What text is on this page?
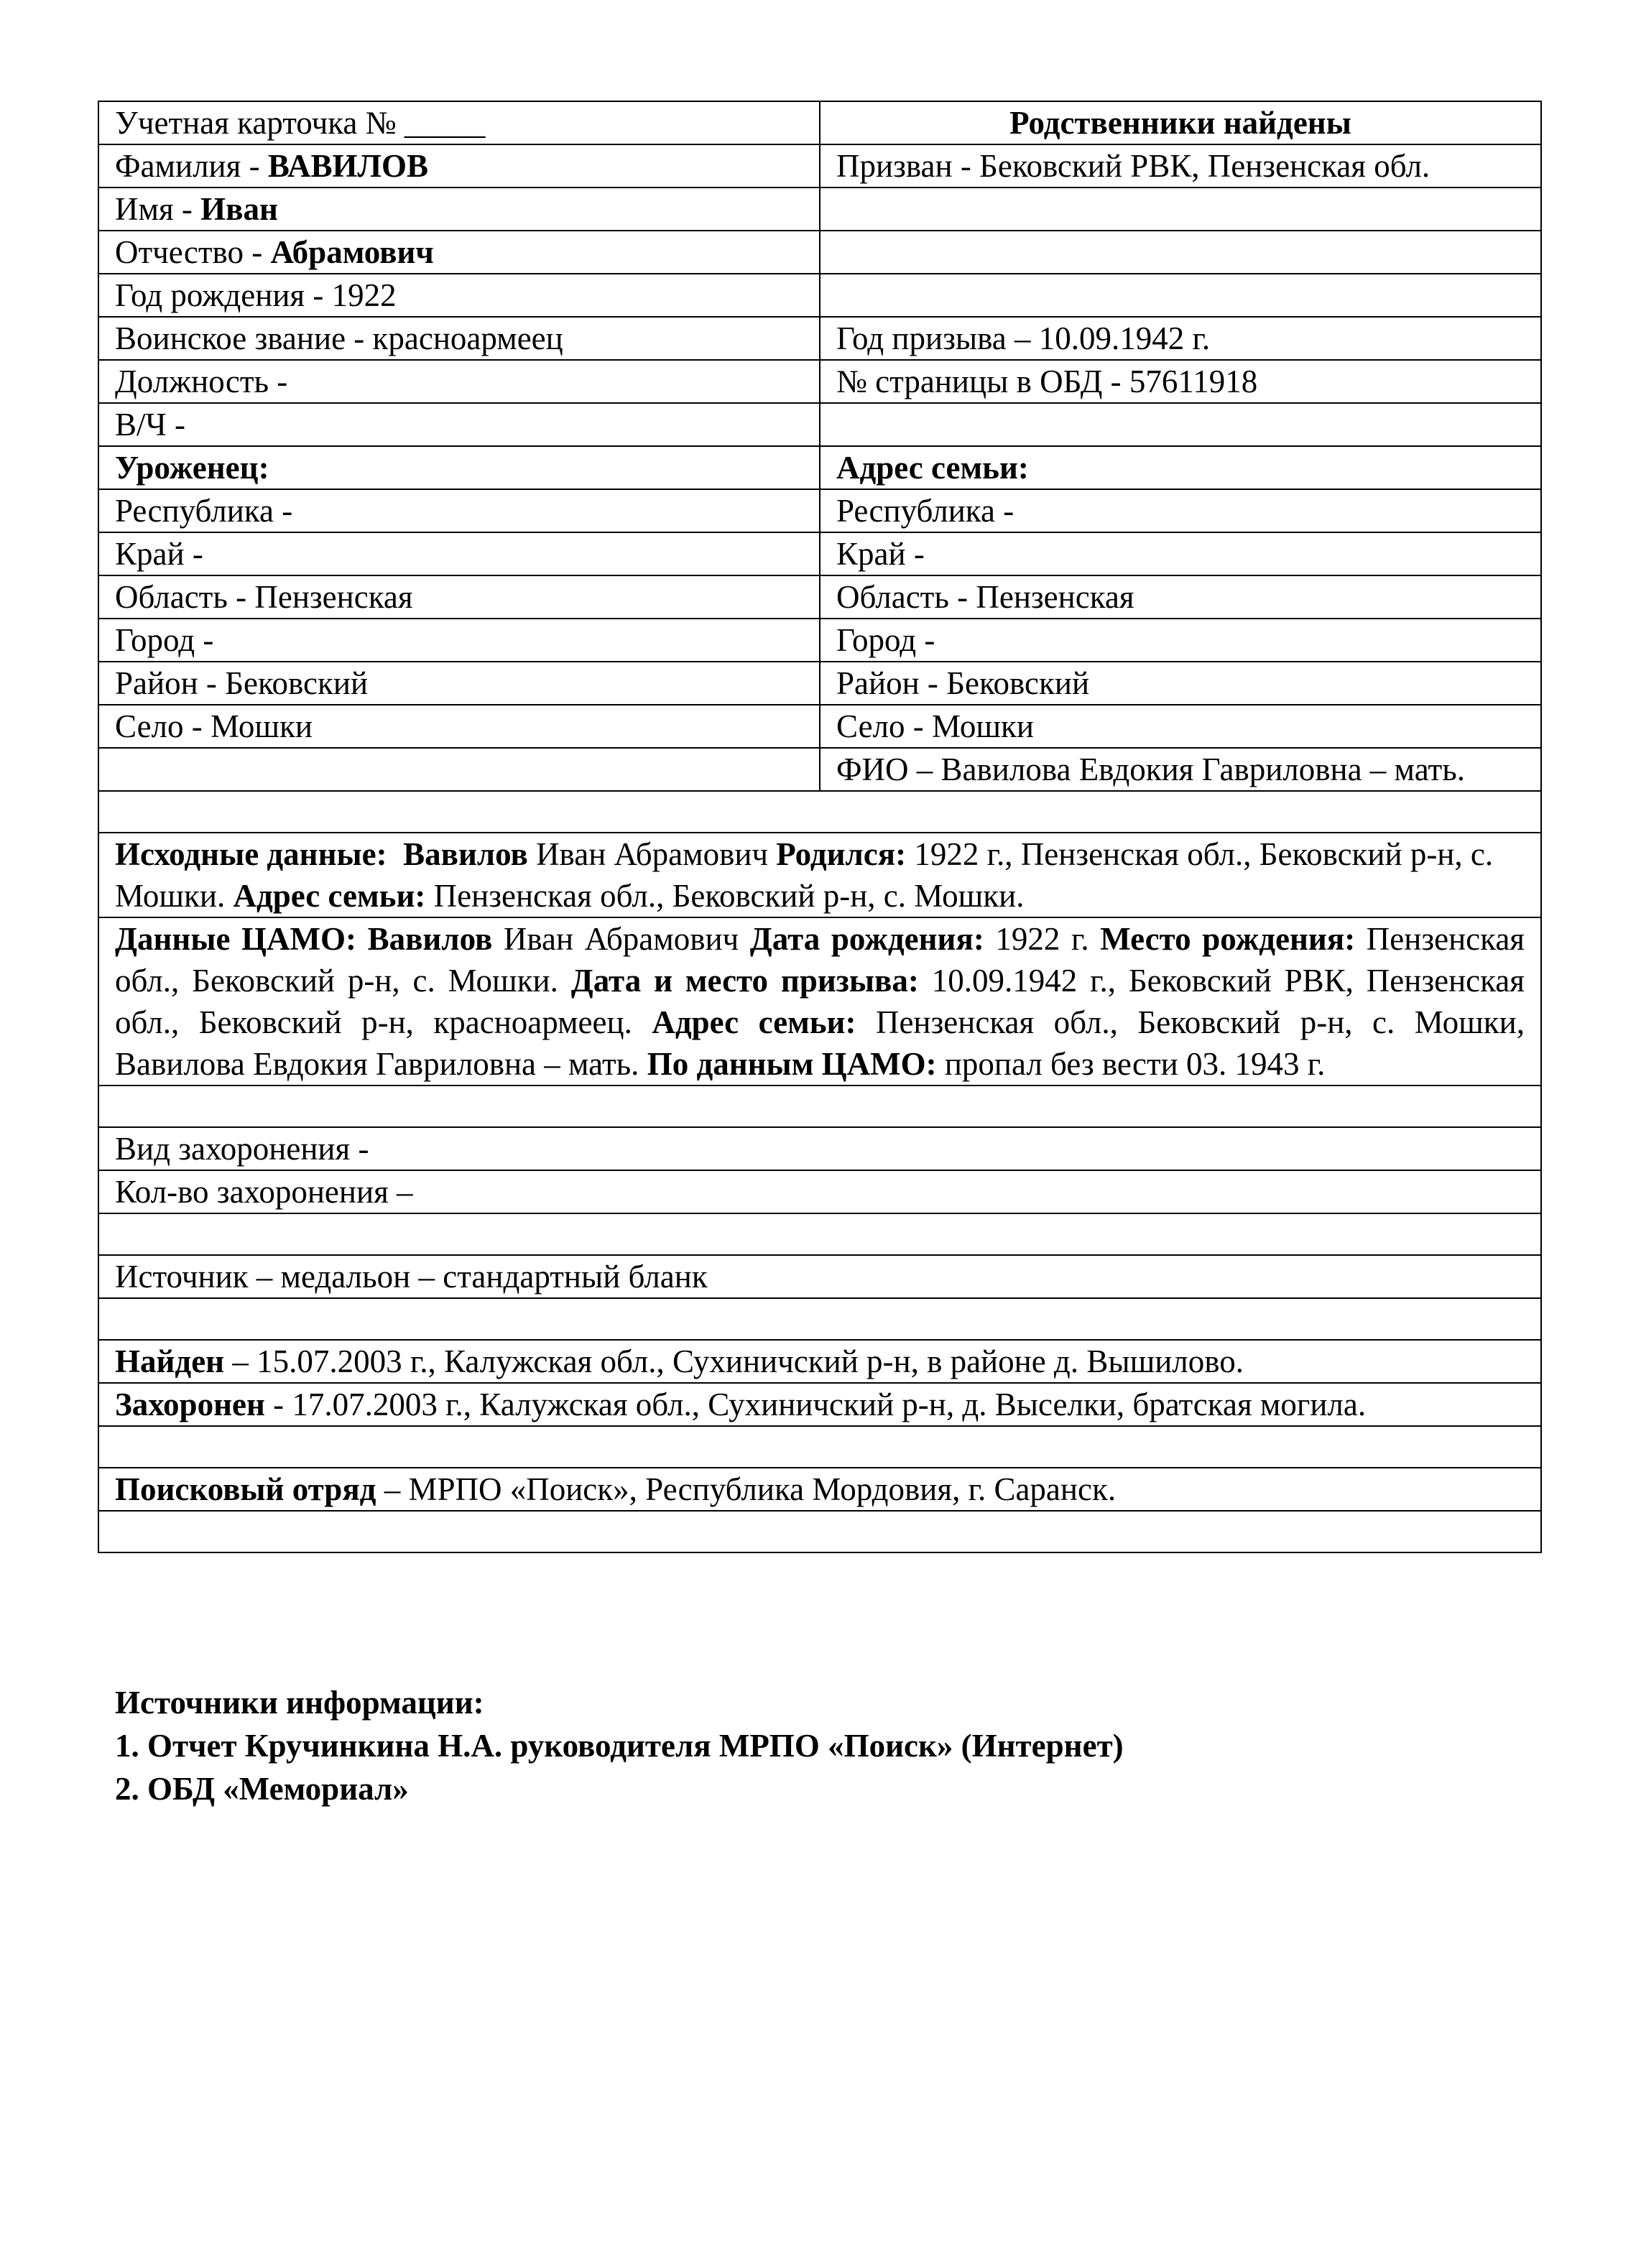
Учетная карточка № _____	Родственники найдены
Фамилия - ВАВИЛОВ	Призван - Бековский РВК, Пензенская обл.
Имя - Иван	
Отчество - Абрамович	
Год рождения - 1922	
Воинское звание - красноармеец	Год призыва – 10.09.1942 г.
Должность -	№ страницы в ОБД - 57611918
В/Ч -	
Уроженец:	Адрес семьи:
Республика -	Республика -
Край -	Край -
Область - Пензенская	Область - Пензенская
Город -	Город -
Район - Бековский	Район - Бековский
Село - Мошки	Село - Мошки
	ФИО – Вавилова Евдокия Гавриловна – мать.

Исходные данные: Вавилов Иван Абрамович Родился: 1922 г., Пензенская обл., Бековский р-н, с. Мошки. Адрес семьи: Пензенская обл., Бековский р-н, с. Мошки.	
Данные ЦАМО: Вавилов Иван Абрамович Дата рождения: 1922 г. Место рождения: Пензенская обл., Бековский р-н, с. Мошки. Дата и место призыва: 10.09.1942 г., Бековский РВК, Пензенская обл., Бековский р-н, красноармеец. Адрес семьи: Пензенская обл., Бековский р-н, с. Мошки, Вавилова Евдокия Гавриловна – мать. По данным ЦАМО: пропал без вести 03. 1943 г.	

Вид захоронения -	
Кол-во захоронения –	

Источник – медальон – стандартный бланк	

Найден – 15.07.2003 г., Калужская обл., Сухиничский р-н, в районе д. Вышилово.	
Захоронен - 17.07.2003 г., Калужская обл., Сухиничский р-н, д. Выселки, братская могила.	

Поисковый отряд – МРПО «Поиск», Республика Мордовия, г. Саранск.	

Источники информации:
1. Отчет Кручинкина Н.А. руководителя МРПО «Поиск» (Интернет)
2. ОБД «Мемориал»
